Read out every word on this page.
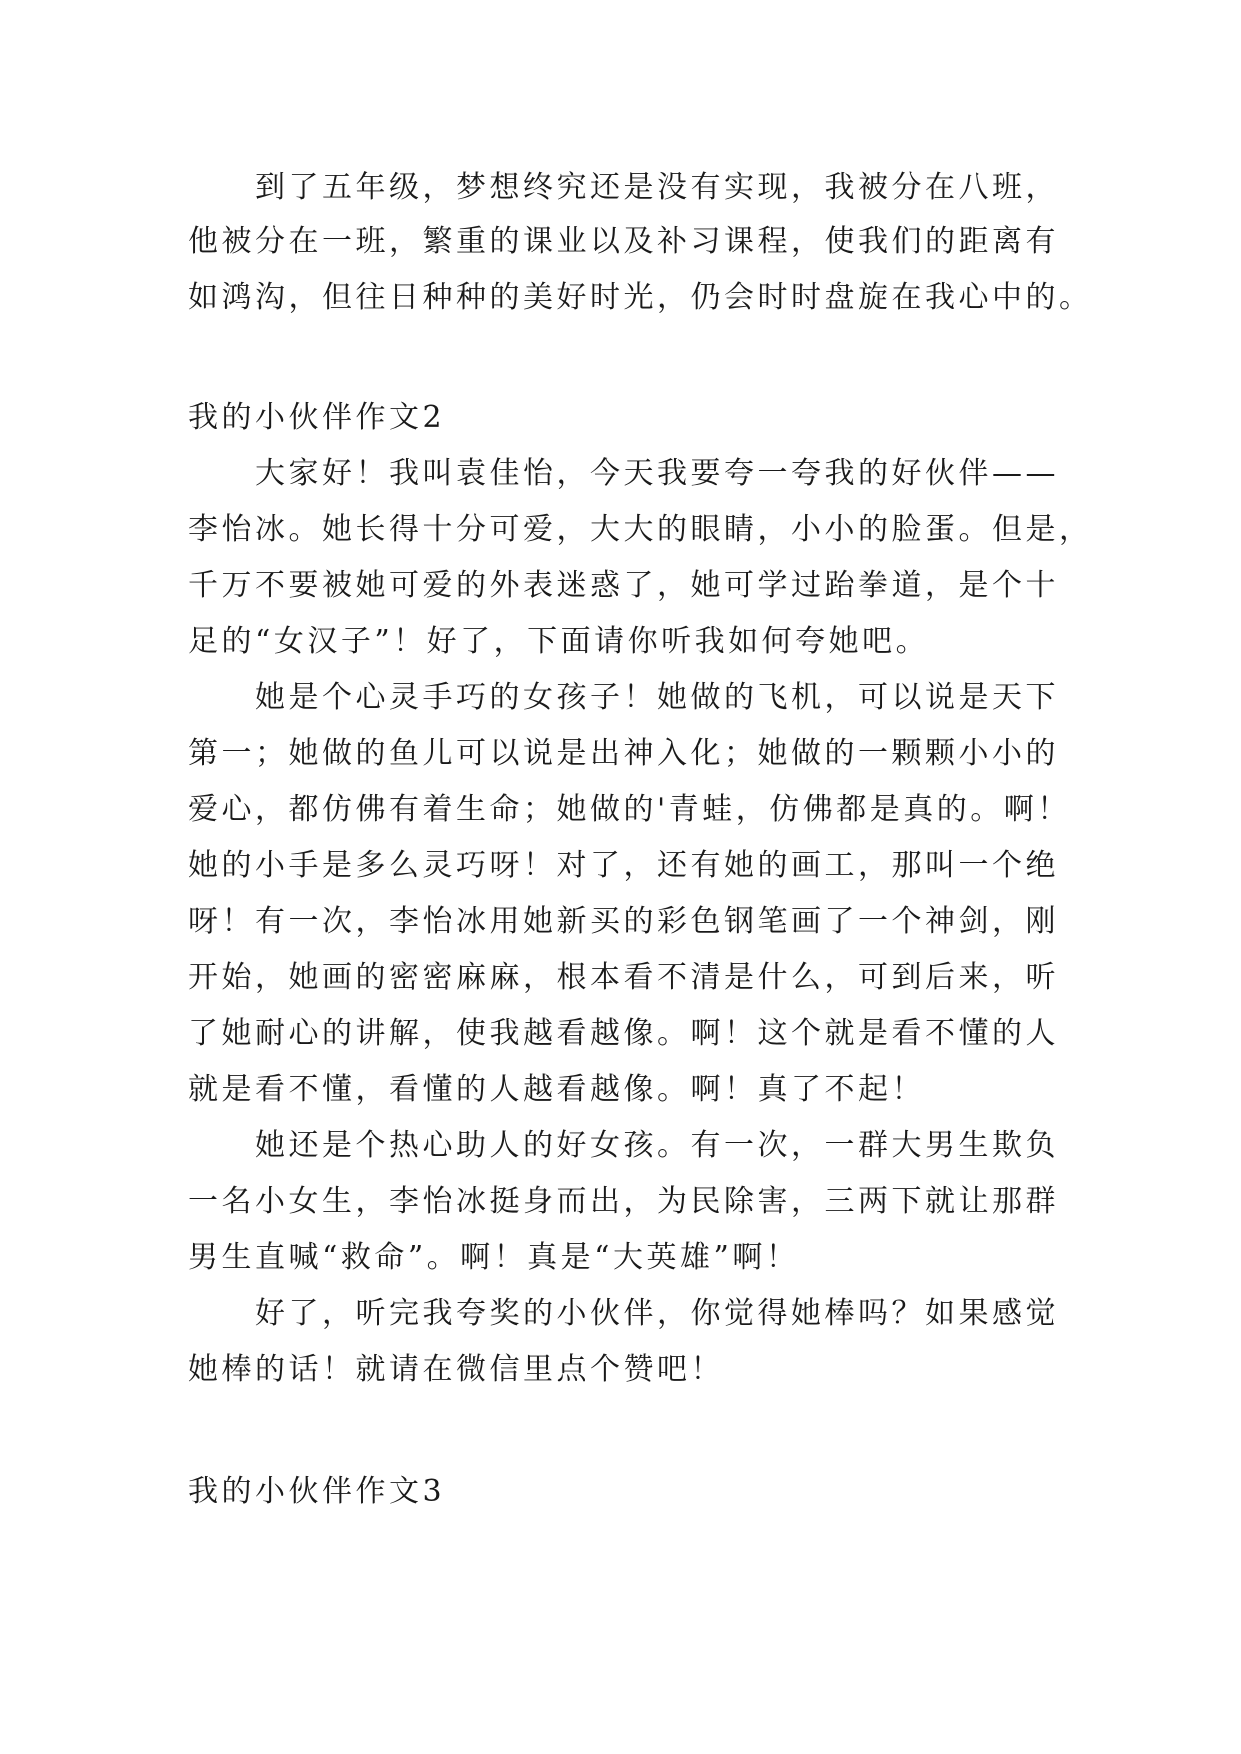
到了五年级，梦想终究还是没有实现，我被分在八班，
他被分在一班，繁重的课业以及补习课程，使我们的距离有
如鸿沟，但往日种种的美好时光，仍会时时盘旋在我心中的。
我的小伙伴作文2
大家好！我叫袁佳怡，今天我要夸一夸我的好伙伴——
李怡冰。她长得十分可爱，大大的眼睛，小小的脸蛋。但是，
千万不要被她可爱的外表迷惑了，她可学过跆拳道，是个十
足的“女汉子”！好了，下面请你听我如何夸她吧。
她是个心灵手巧的女孩子！她做的飞机，可以说是天下
第一；她做的鱼儿可以说是出神入化；她做的一颗颗小小的
爱心，都仿佛有着生命；她做的'青蛙，仿佛都是真的。啊！
她的小手是多么灵巧呀！对了，还有她的画工，那叫一个绝
呀！有一次，李怡冰用她新买的彩色钢笔画了一个神剑，刚
开始，她画的密密麻麻，根本看不清是什么，可到后来，听
了她耐心的讲解，使我越看越像。啊！这个就是看不懂的人
就是看不懂，看懂的人越看越像。啊！真了不起！
她还是个热心助人的好女孩。有一次，一群大男生欺负
一名小女生，李怡冰挺身而出，为民除害，三两下就让那群
男生直喊“救命”。啊！真是“大英雄”啊！
好了，听完我夸奖的小伙伴，你觉得她棒吗？如果感觉
她棒的话！就请在微信里点个赞吧！
我的小伙伴作文3
